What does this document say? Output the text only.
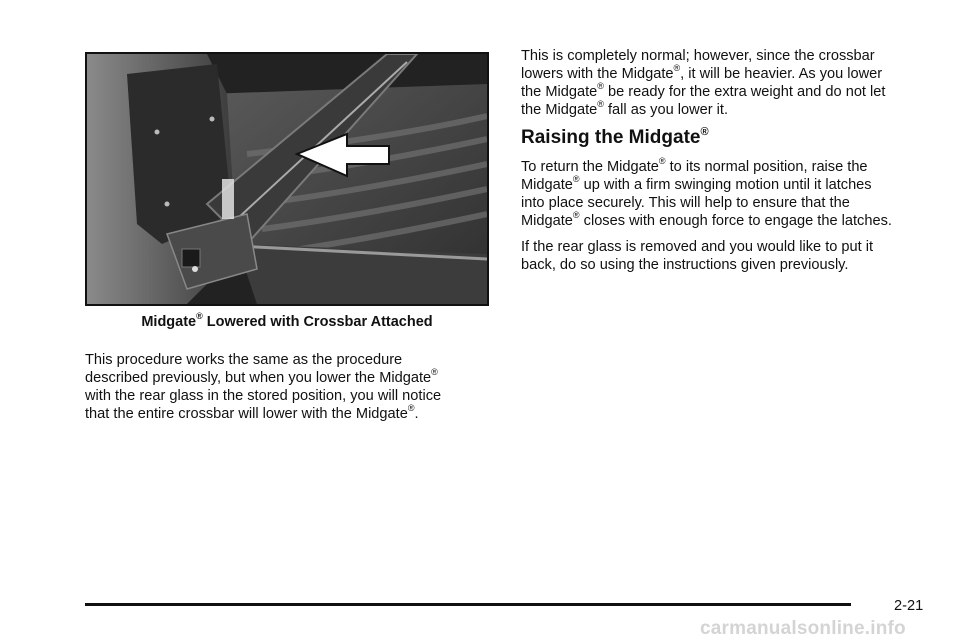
Midgate® Lowered with Crossbar Attached

This procedure works the same as the procedure
described previously, but when you lower the Midgate®
with the rear glass in the stored position, you will notice
that the entire crossbar will lower with the Midgate®.

This is completely normal; however, since the crossbar
lowers with the Midgate®, it will be heavier. As you lower
the Midgate® be ready for the extra weight and do not let
the Midgate® fall as you lower it.

Raising the Midgate®

To return the Midgate® to its normal position, raise the
Midgate® up with a firm swinging motion until it latches
into place securely. This will help to ensure that the
Midgate® closes with enough force to engage the latches.

If the rear glass is removed and you would like to put it
back, do so using the instructions given previously.

2-21
carmanualsonline.info
